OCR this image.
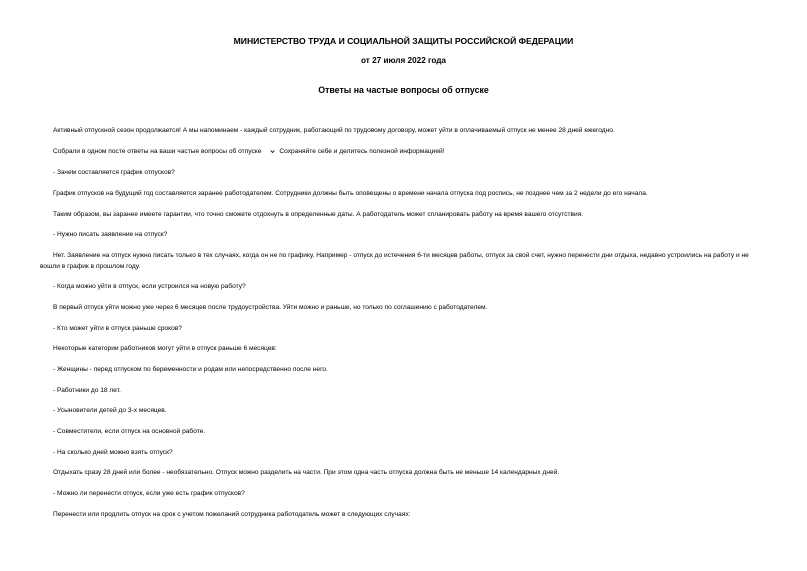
МИНИСТЕРСТВО ТРУДА И СОЦИАЛЬНОЙ ЗАЩИТЫ РОССИЙСКОЙ ФЕДЕРАЦИИ
от 27 июля 2022 года
Ответы на частые вопросы об отпуске
Активный отпускной сезон продолжается! А мы напоминаем - каждый сотрудник, работающий по трудовому договору, может уйти в оплачиваемый отпуск не менее 28 дней ежегодно.
Собрали в одном посте ответы на ваши частые вопросы об отпуске	Сохраняйте себе и делитесь полезной информацией!
- Зачем составляется график отпусков?
График отпусков на будущий год составляется заранее работодателем. Сотрудники должны быть оповещены о времени начала отпуска под роспись, не позднее чем за 2 недели до его начала.
Таким образом, вы заранее имеете гарантии, что точно сможете отдохнуть в определенные даты. А работодатель может спланировать работу на время вашего отсутствия.
- Нужно писать заявление на отпуск?
Нет. Заявление на отпуск нужно писать только в тех случаях, когда он не по графику. Например - отпуск до истечения 6-ти месяцев работы, отпуск за свой счет, нужно перенести дни отдыха, недавно устроились на работу и не вошли в график в прошлом году.
- Когда можно уйти в отпуск, если устроился на новую работу?
В первый отпуск уйти можно уже через 6 месяцев после трудоустройства. Уйти можно и раньше, но только по соглашению с работодателем.
- Кто может уйти в отпуск раньше сроков?
Некоторые категории работников могут уйти в отпуск раньше 6 месяцев:
- Женщины - перед отпуском по беременности и родам или непосредственно после него.
- Работники до 18 лет.
- Усыновители детей до 3-х месяцев.
- Совместители, если отпуск на основной работе.
- На сколько дней можно взять отпуск?
Отдыхать сразу 28 дней или более - необязательно. Отпуск можно разделить на части. При этом одна часть отпуска должна быть не меньше 14 календарных дней.
- Можно ли перенести отпуск, если уже есть график отпусков?
Перенести или продлить отпуск на срок с учетом пожеланий сотрудника работодатель может в следующих случаях:
